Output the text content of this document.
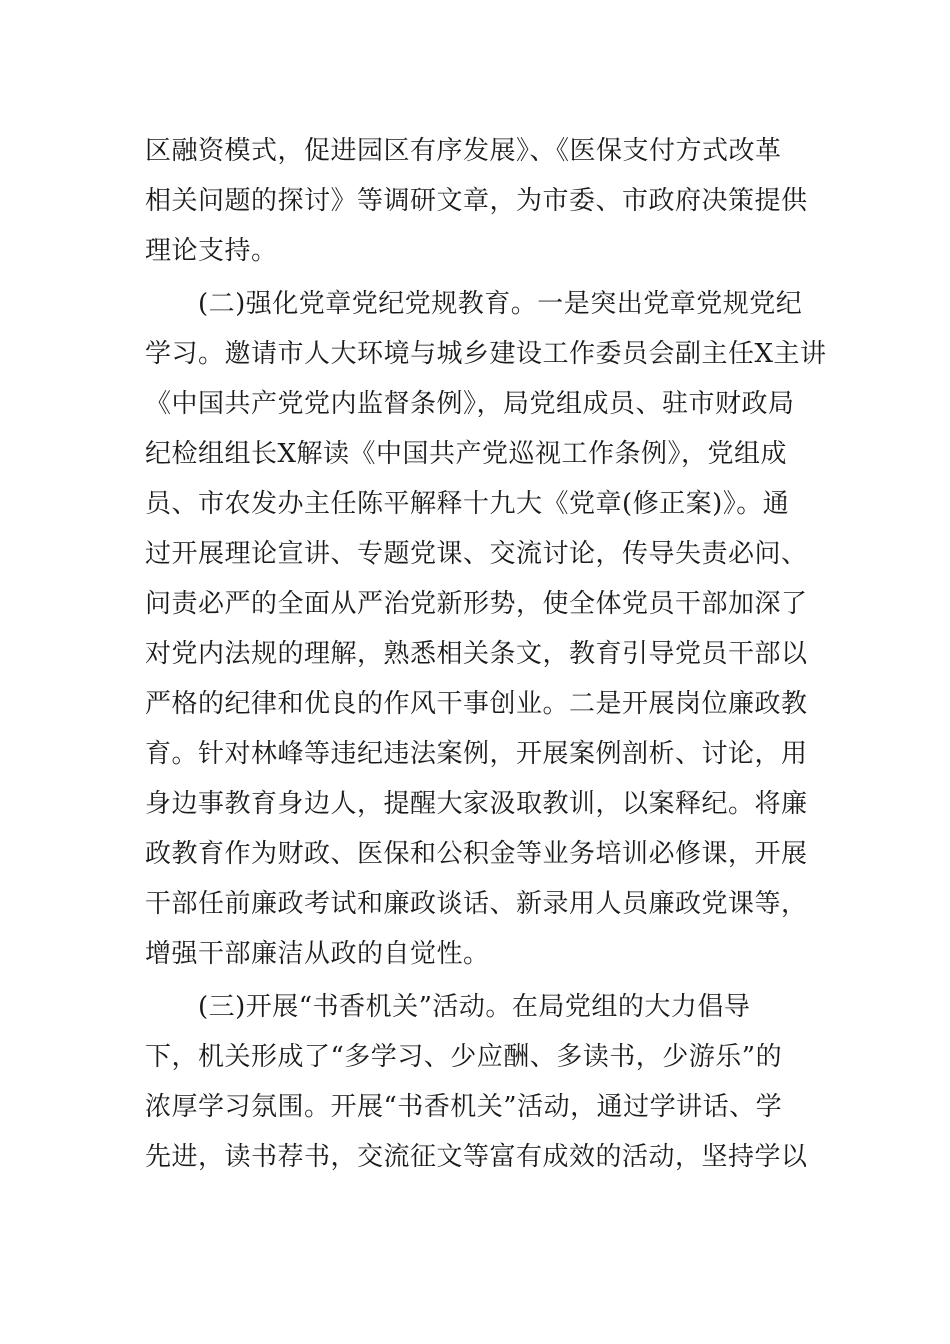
区融资模式，促进园区有序发展》、《医保支付方式改革
相关问题的探讨》等调研文章，为市委、市政府决策提供
理论支持。
(二)强化党章党纪党规教育。一是突出党章党规党纪
学习。邀请市人大环境与城乡建设工作委员会副主任X主讲
《中国共产党党内监督条例》，局党组成员、驻市财政局
纪检组组长X解读《中国共产党巡视工作条例》，党组成
员、市农发办主任陈平解释十九大《党章(修正案)》。通
过开展理论宣讲、专题党课、交流讨论，传导失责必问、
问责必严的全面从严治党新形势，使全体党员干部加深了
对党内法规的理解，熟悉相关条文，教育引导党员干部以
严格的纪律和优良的作风干事创业。二是开展岗位廉政教
育。针对林峰等违纪违法案例，开展案例剖析、讨论，用
身边事教育身边人，提醒大家汲取教训，以案释纪。将廉
政教育作为财政、医保和公积金等业务培训必修课，开展
干部任前廉政考试和廉政谈话、新录用人员廉政党课等，
增强干部廉洁从政的自觉性。
(三)开展“书香机关”活动。在局党组的大力倡导
下，机关形成了“多学习、少应酬、多读书，少游乐”的
浓厚学习氛围。开展“书香机关”活动，通过学讲话、学
先进，读书荐书，交流征文等富有成效的活动，坚持学以
